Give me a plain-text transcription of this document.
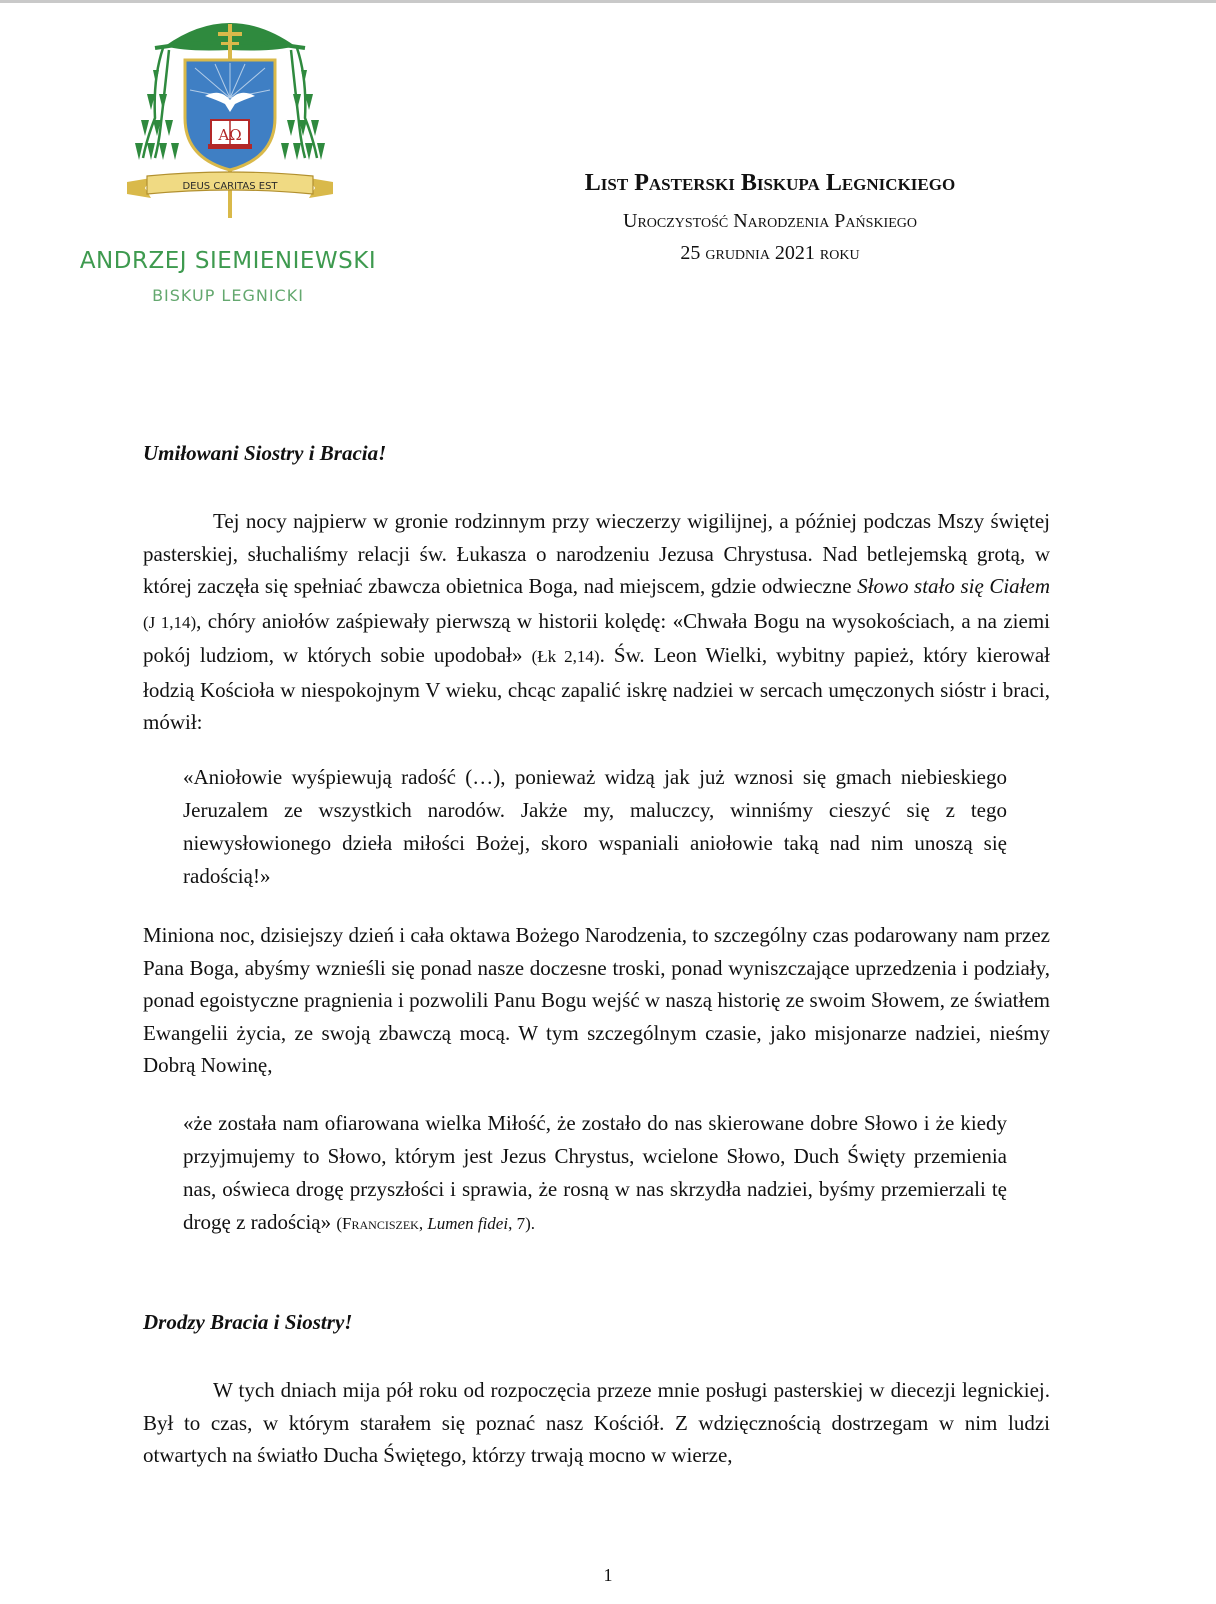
AΩ
DEUS CARITAS EST
ANDRZEJ SIEMIENIEWSKI
BISKUP LEGNICKI
List Pasterski Biskupa Legnickiego
Uroczystość Narodzenia Pańskiego
25 grudnia 2021 roku
Umiłowani Siostry i Bracia!

Tej nocy najpierw w gronie rodzinnym przy wieczerzy wigilijnej, a później podczas Mszy świętej pasterskiej, słuchaliśmy relacji św. Łukasza o narodzeniu Jezusa Chrystusa. Nad betlejemską grotą, w której zaczęła się spełniać zbawcza obietnica Boga, nad miejscem, gdzie odwieczne Słowo stało się Ciałem (J 1,14), chóry aniołów zaśpiewały pierwszą w historii kolędę: «Chwała Bogu na wysokościach, a na ziemi pokój ludziom, w których sobie upodobał» (Łk 2,14). Św. Leon Wielki, wybitny papież, który kierował łodzią Kościoła w niespokojnym V wieku, chcąc zapalić iskrę nadziei w sercach umęczonych sióstr i braci, mówił:

«Aniołowie wyśpiewują radość (…), ponieważ widzą jak już wznosi się gmach niebieskiego Jeruzalem ze wszystkich narodów. Jakże my, maluczcy, winniśmy cieszyć się z tego niewysłowionego dzieła miłości Bożej, skoro wspaniali aniołowie taką nad nim unoszą się radością!»

Miniona noc, dzisiejszy dzień i cała oktawa Bożego Narodzenia, to szczególny czas podarowany nam przez Pana Boga, abyśmy wznieśli się ponad nasze doczesne troski, ponad wyniszczające uprzedzenia i podziały, ponad egoistyczne pragnienia i pozwolili Panu Bogu wejść w naszą historię ze swoim Słowem, ze światłem Ewangelii życia, ze swoją zbawczą mocą. W tym szczególnym czasie, jako misjonarze nadziei, nieśmy Dobrą Nowinę,

«że została nam ofiarowana wielka Miłość, że zostało do nas skierowane dobre Słowo i że kiedy przyjmujemy to Słowo, którym jest Jezus Chrystus, wcielone Słowo, Duch Święty przemienia nas, oświeca drogę przyszłości i sprawia, że rosną w nas skrzydła nadziei, byśmy przemierzali tę drogę z radością» (Franciszek, Lumen fidei, 7).

Drodzy Bracia i Siostry!

W tych dniach mija pół roku od rozpoczęcia przeze mnie posługi pasterskiej w diecezji legnickiej. Był to czas, w którym starałem się poznać nasz Kościół. Z wdzięcznością dostrzegam w nim ludzi otwartych na światło Ducha Świętego, którzy trwają mocno w wierze,

1
